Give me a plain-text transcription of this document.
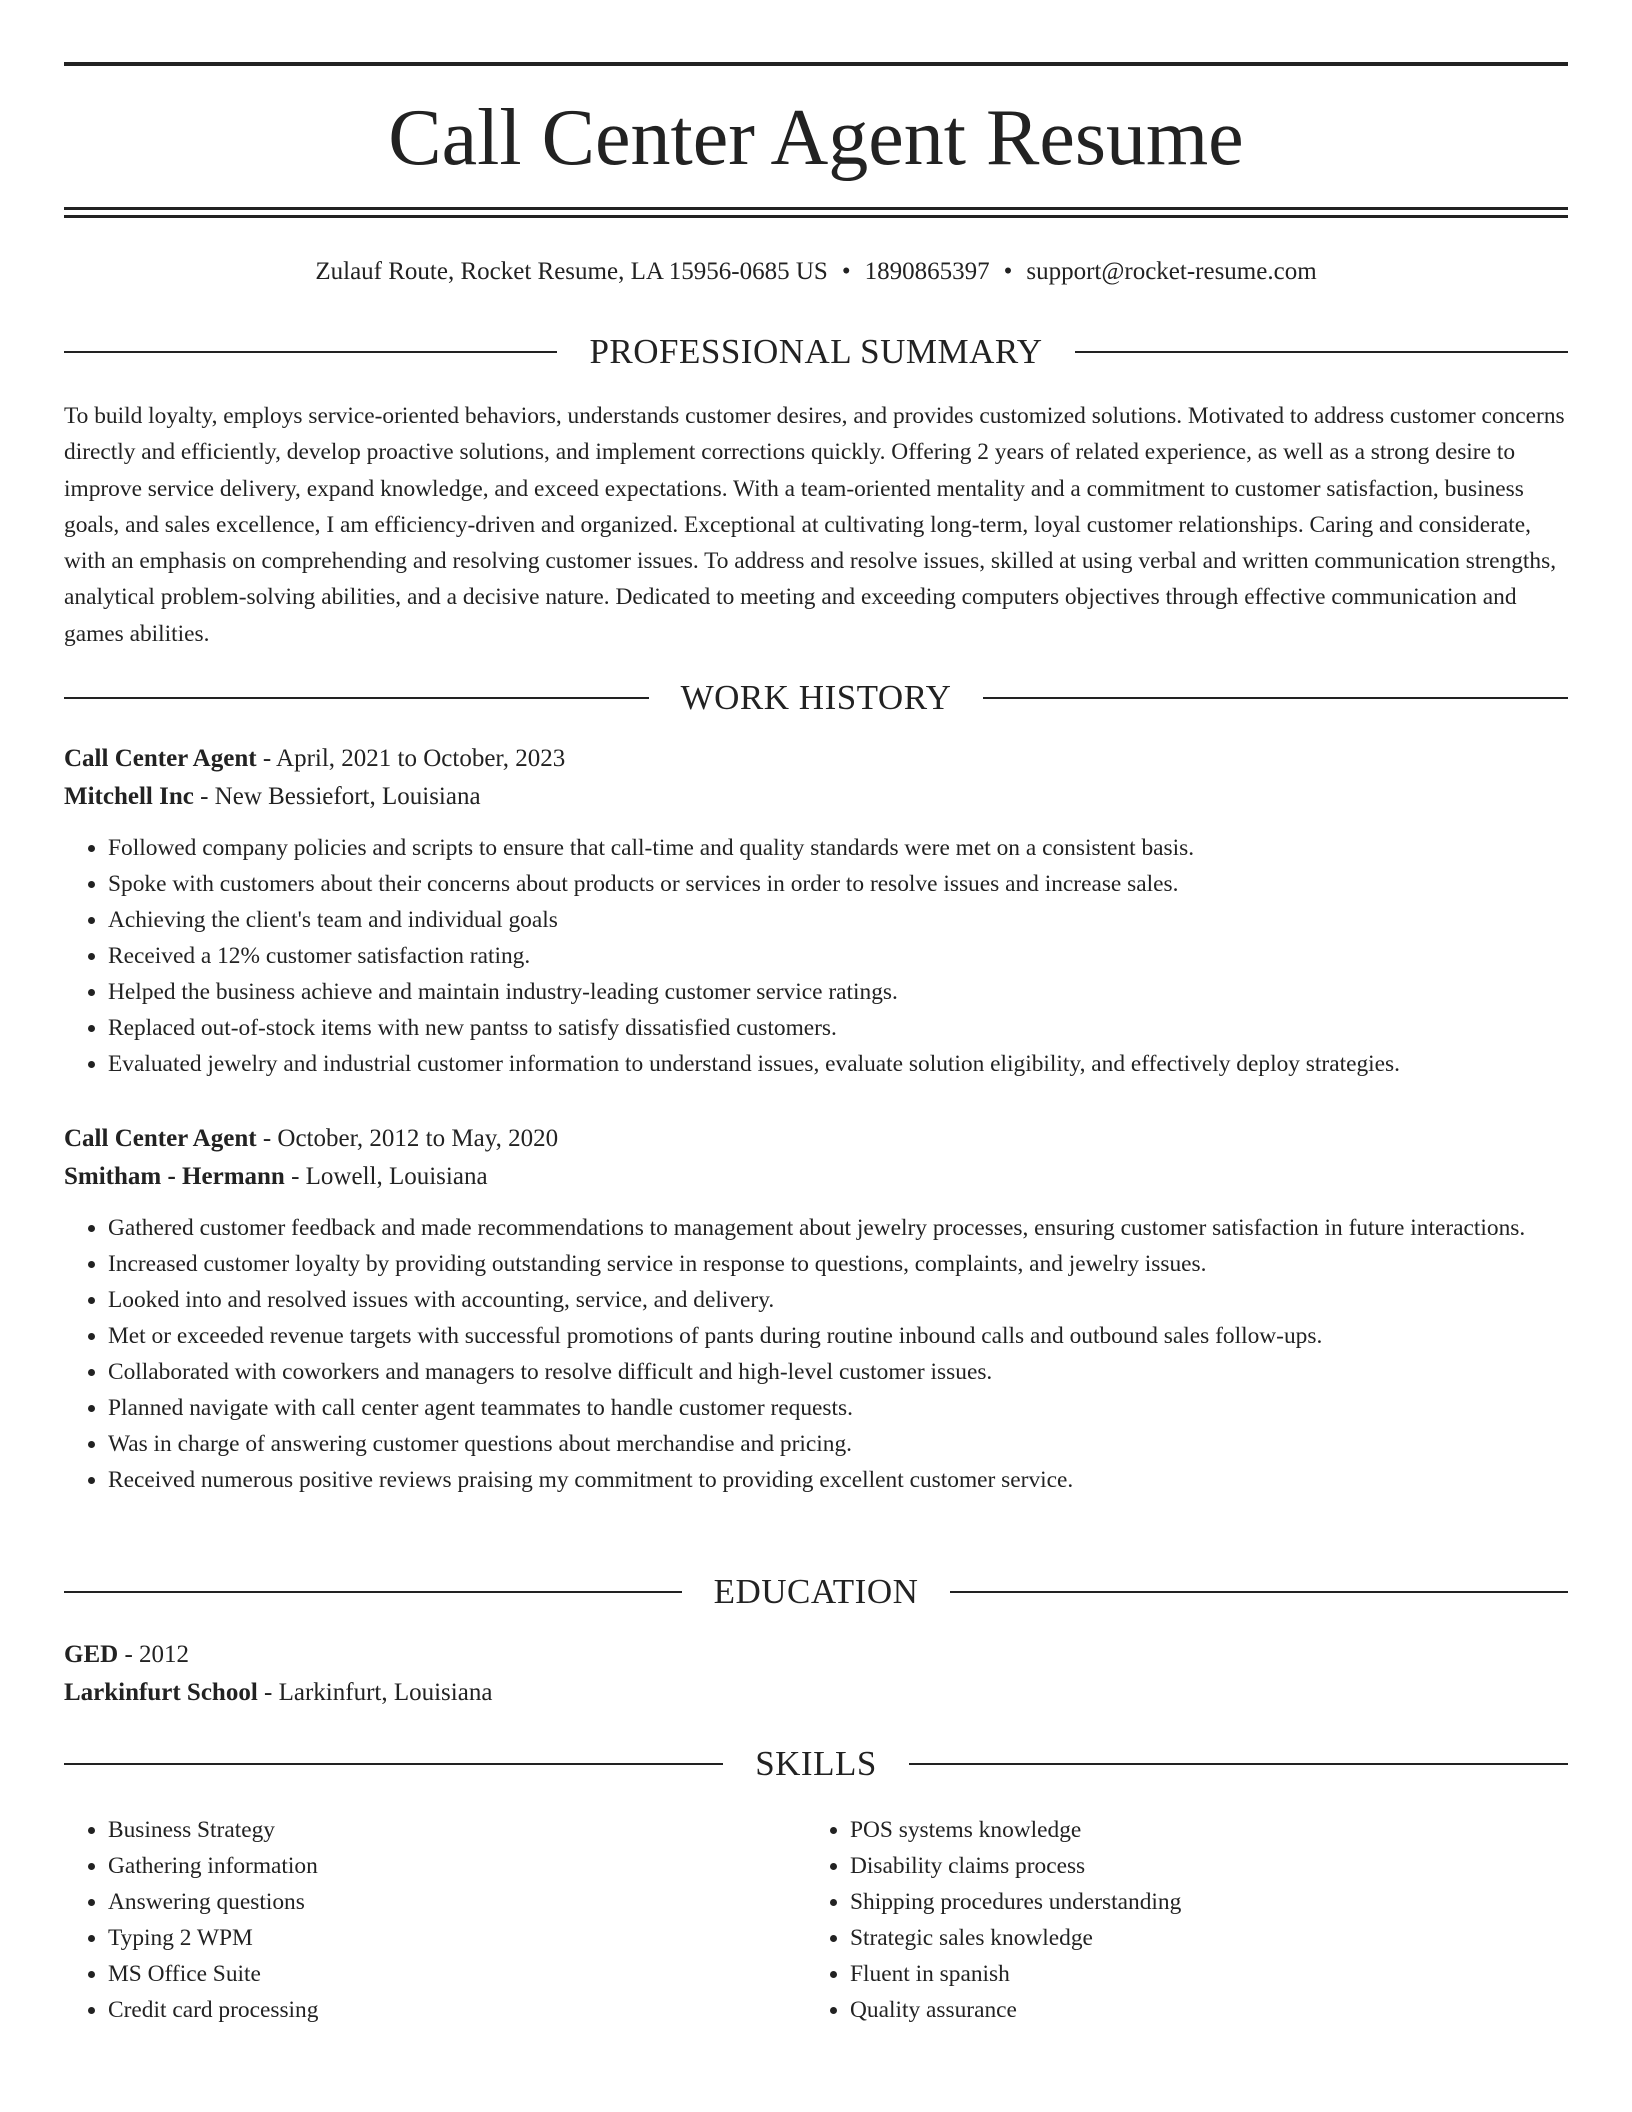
Call Center Agent Resume
Zulauf Route, Rocket Resume, LA 15956-0685 US • 1890865397 • support@rocket-resume.com
PROFESSIONAL SUMMARY
To build loyalty, employs service-oriented behaviors, understands customer desires, and provides customized solutions. Motivated to address customer concerns directly and efficiently, develop proactive solutions, and implement corrections quickly. Offering 2 years of related experience, as well as a strong desire to improve service delivery, expand knowledge, and exceed expectations. With a team-oriented mentality and a commitment to customer satisfaction, business goals, and sales excellence, I am efficiency-driven and organized. Exceptional at cultivating long-term, loyal customer relationships. Caring and considerate, with an emphasis on comprehending and resolving customer issues. To address and resolve issues, skilled at using verbal and written communication strengths, analytical problem-solving abilities, and a decisive nature. Dedicated to meeting and exceeding computers objectives through effective communication and games abilities.
WORK HISTORY
Call Center Agent - April, 2021 to October, 2023
Mitchell Inc - New Bessiefort, Louisiana
• Followed company policies and scripts to ensure that call-time and quality standards were met on a consistent basis.
• Spoke with customers about their concerns about products or services in order to resolve issues and increase sales.
• Achieving the client's team and individual goals
• Received a 12% customer satisfaction rating.
• Helped the business achieve and maintain industry-leading customer service ratings.
• Replaced out-of-stock items with new pantss to satisfy dissatisfied customers.
• Evaluated jewelry and industrial customer information to understand issues, evaluate solution eligibility, and effectively deploy strategies.
Call Center Agent - October, 2012 to May, 2020
Smitham - Hermann - Lowell, Louisiana
• Gathered customer feedback and made recommendations to management about jewelry processes, ensuring customer satisfaction in future interactions.
• Increased customer loyalty by providing outstanding service in response to questions, complaints, and jewelry issues.
• Looked into and resolved issues with accounting, service, and delivery.
• Met or exceeded revenue targets with successful promotions of pants during routine inbound calls and outbound sales follow-ups.
• Collaborated with coworkers and managers to resolve difficult and high-level customer issues.
• Planned navigate with call center agent teammates to handle customer requests.
• Was in charge of answering customer questions about merchandise and pricing.
• Received numerous positive reviews praising my commitment to providing excellent customer service.
EDUCATION
GED - 2012
Larkinfurt School - Larkinfurt, Louisiana
SKILLS
• Business Strategy
• Gathering information
• Answering questions
• Typing 2 WPM
• MS Office Suite
• Credit card processing
• POS systems knowledge
• Disability claims process
• Shipping procedures understanding
• Strategic sales knowledge
• Fluent in spanish
• Quality assurance
